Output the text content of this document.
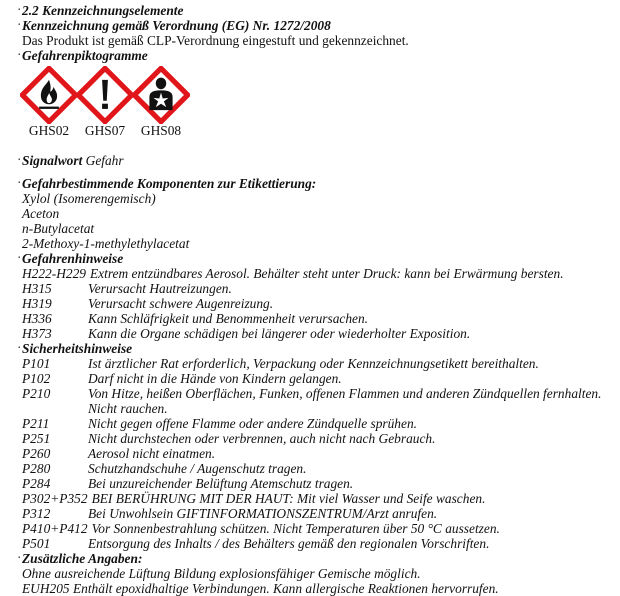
· 2.2 Kennzeichnungselemente
· Kennzeichnung gemäß Verordnung (EG) Nr. 1272/2008
Das Produkt ist gemäß CLP-Verordnung eingestuft und gekennzeichnet.
· Gefahrenpiktogramme
GHS02	GHS07	GHS08
· Signalwort Gefahr
· Gefahrbestimmende Komponenten zur Etikettierung:
Xylol (Isomerengemisch)
Aceton
n-Butylacetat
2-Methoxy-1-methylethylacetat
· Gefahrenhinweise
H222-H229 Extrem entzündbares Aerosol. Behälter steht unter Druck: kann bei Erwärmung bersten.
H315	Verursacht Hautreizungen.
H319	Verursacht schwere Augenreizung.
H336	Kann Schläfrigkeit und Benommenheit verursachen.
H373	Kann die Organe schädigen bei längerer oder wiederholter Exposition.
· Sicherheitshinweise
P101	Ist ärztlicher Rat erforderlich, Verpackung oder Kennzeichnungsetikett bereithalten.
P102	Darf nicht in die Hände von Kindern gelangen.
P210	Von Hitze, heißen Oberflächen, Funken, offenen Flammen und anderen Zündquellen fernhalten.
Nicht rauchen.
P211	Nicht gegen offene Flamme oder andere Zündquelle sprühen.
P251	Nicht durchstechen oder verbrennen, auch nicht nach Gebrauch.
P260	Aerosol nicht einatmen.
P280	Schutzhandschuhe / Augenschutz tragen.
P284	Bei unzureichender Belüftung Atemschutz tragen.
P302+P352 BEI BERÜHRUNG MIT DER HAUT: Mit viel Wasser und Seife waschen.
P312	Bei Unwohlsein GIFTINFORMATIONSZENTRUM/Arzt anrufen.
P410+P412 Vor Sonnenbestrahlung schützen. Nicht Temperaturen über 50 °C aussetzen.
P501	Entsorgung des Inhalts / des Behälters gemäß den regionalen Vorschriften.
· Zusätzliche Angaben:
Ohne ausreichende Lüftung Bildung explosionsfähiger Gemische möglich.
EUH205 Enthält epoxidhaltige Verbindungen. Kann allergische Reaktionen hervorrufen.
